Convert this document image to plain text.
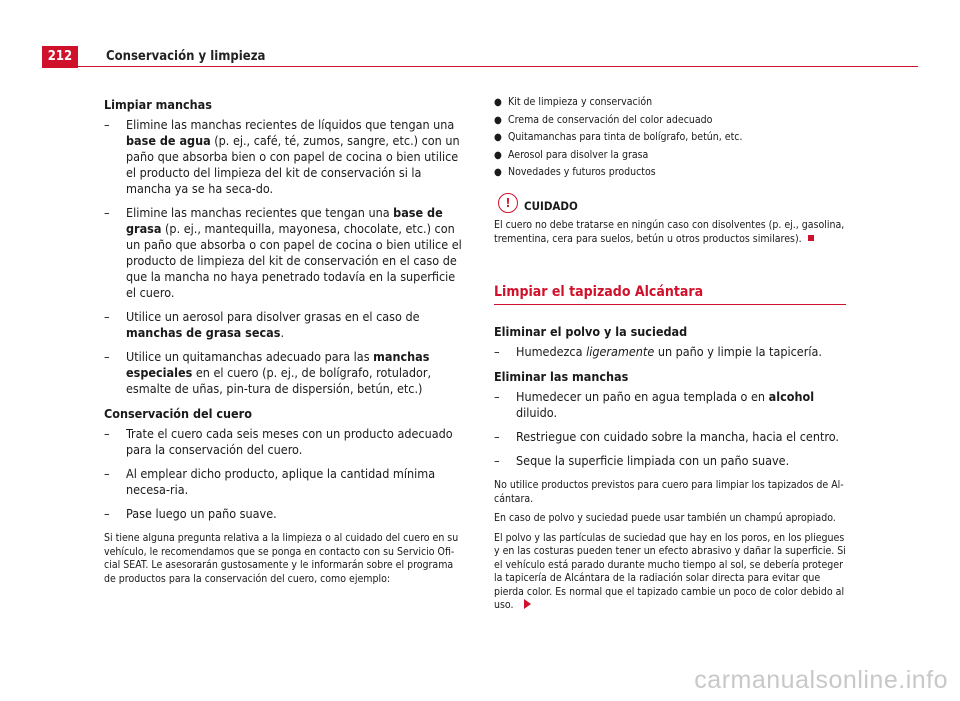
212	Conservación y limpieza
Limpiar manchas
– Elimine las manchas recientes de líquidos que tengan una base de agua (p. ej., café, té, zumos, sangre, etc.) con un paño que absorba bien o con papel de cocina o bien utilice el producto del limpieza del kit de conservación si la mancha ya se ha seca-do.
– Elimine las manchas recientes que tengan una base de grasa (p. ej., mantequilla, mayonesa, chocolate, etc.) con un paño que absorba o con papel de cocina o bien utilice el producto de limpieza del kit de conservación en el caso de que la mancha no haya penetrado todavía en la superficie el cuero.
– Utilice un aerosol para disolver grasas en el caso de manchas de grasa secas.
– Utilice un quitamanchas adecuado para las manchas especiales en el cuero (p. ej., de bolígrafo, rotulador, esmalte de uñas, pin-tura de dispersión, betún, etc.)
Conservación del cuero
– Trate el cuero cada seis meses con un producto adecuado para la conservación del cuero.
– Al emplear dicho producto, aplique la cantidad mínima necesa-ria.
– Pase luego un paño suave.

Si tiene alguna pregunta relativa a la limpieza o al cuidado del cuero en su vehículo, le recomendamos que se ponga en contacto con su Servicio Ofi-cial SEAT. Le asesorarán gustosamente y le informarán sobre el programa de productos para la conservación del cuero, como ejemplo:

● Kit de limpieza y conservación
● Crema de conservación del color adecuado
● Quitamanchas para tinta de bolígrafo, betún, etc.
● Aerosol para disolver la grasa
● Novedades y futuros productos
!	CUIDADO
El cuero no debe tratarse en ningún caso con disolventes (p. ej., gasolina, trementina, cera para suelos, betún u otros productos similares).
Limpiar el tapizado Alcántara
Eliminar el polvo y la suciedad
– Humedezca ligeramente un paño y limpie la tapicería.
Eliminar las manchas
– Humedecer un paño en agua templada o en alcohol diluido.
– Restriegue con cuidado sobre la mancha, hacia el centro.
– Seque la superficie limpiada con un paño suave.

No utilice productos previstos para cuero para limpiar los tapizados de Al-cántara.

En caso de polvo y suciedad puede usar también un champú apropiado.

El polvo y las partículas de suciedad que hay en los poros, en los pliegues y en las costuras pueden tener un efecto abrasivo y dañar la superficie. Si el vehículo está parado durante mucho tiempo al sol, se debería proteger la tapicería de Alcántara de la radiación solar directa para evitar que pierda color. Es normal que el tapizado cambie un poco de color debido al uso.

carmanualsonline.info
